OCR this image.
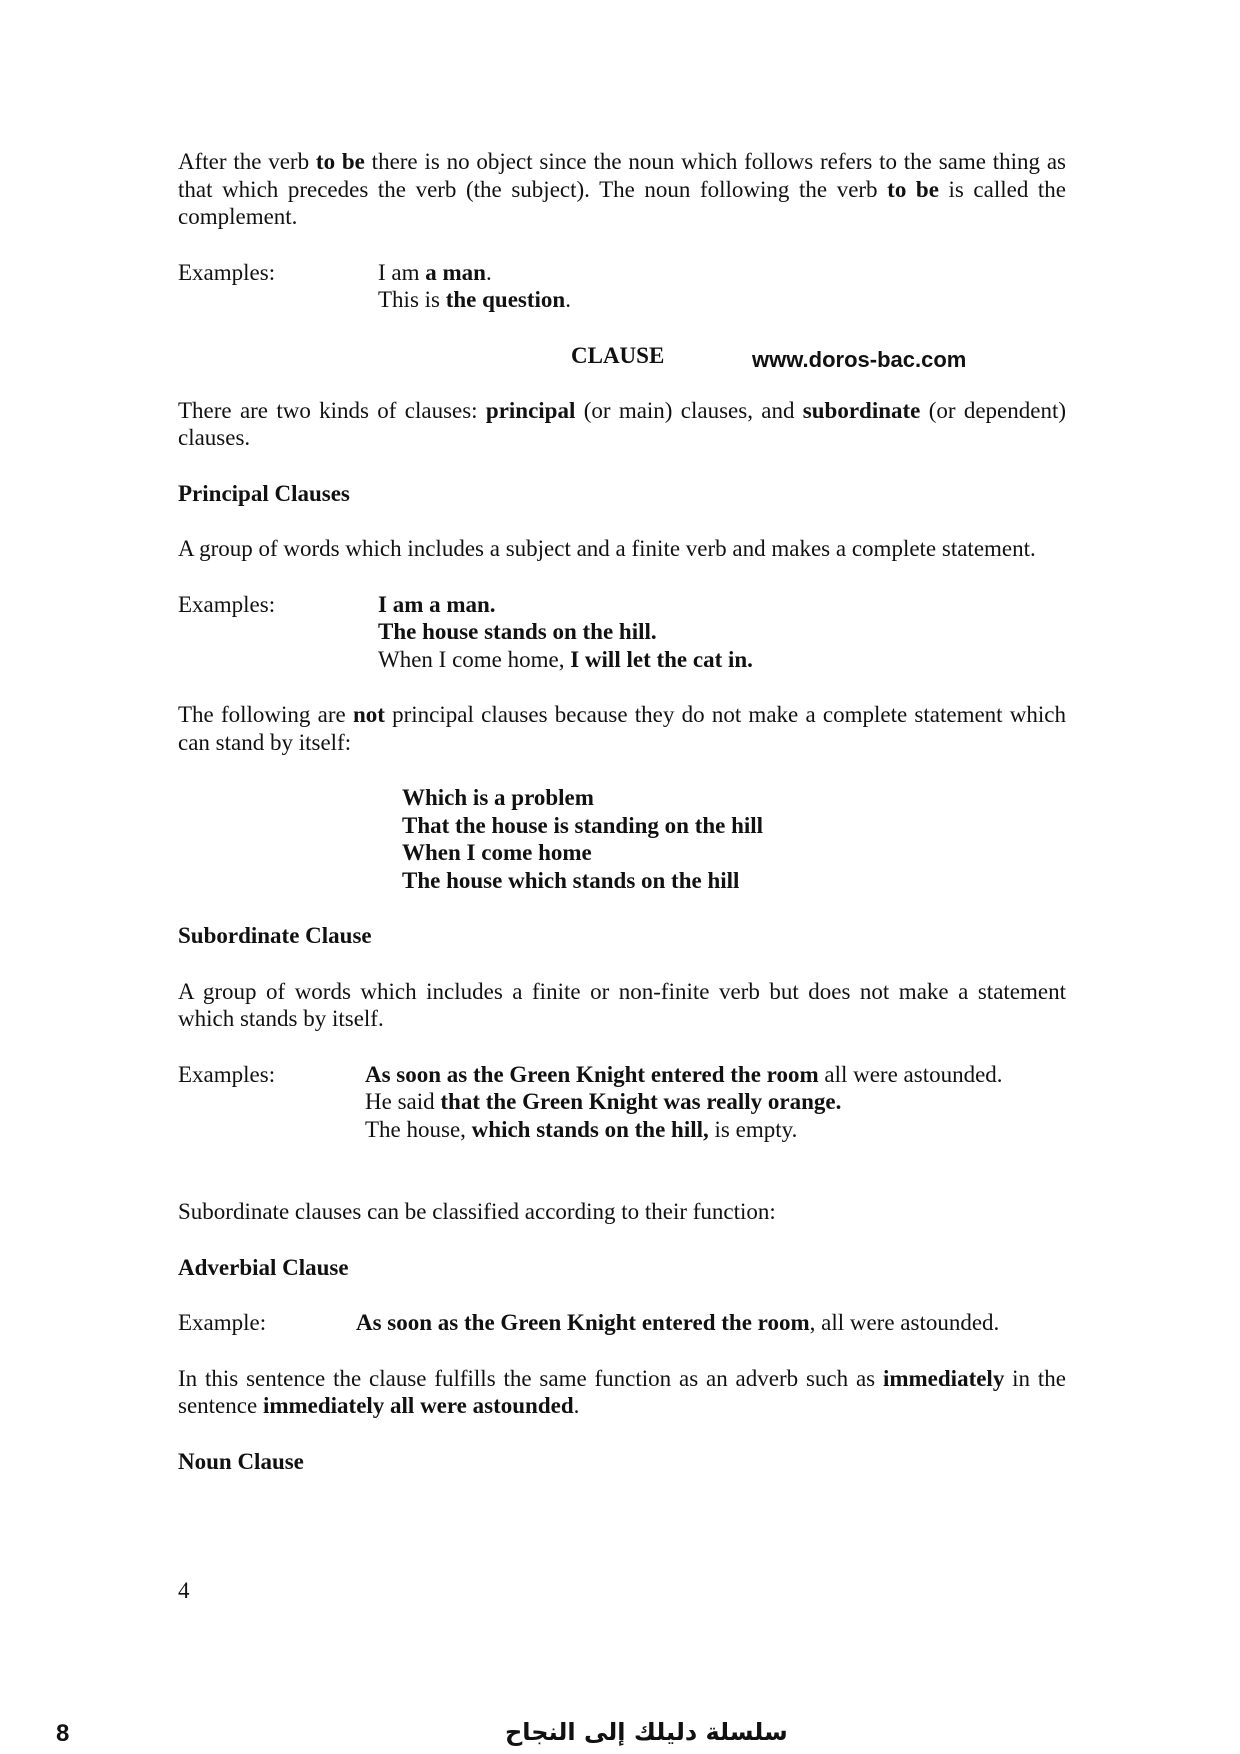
After the verb to be there is no object since the noun which follows refers to the same thing as that which precedes the verb (the subject). The noun following the verb to be is called the complement.

Examples:	I am a man.
This is the question.
CLAUSE	www.doros-bac.com

There are two kinds of clauses: principal (or main) clauses, and subordinate (or dependent) clauses.

Principal Clauses

A group of words which includes a subject and a finite verb and makes a complete statement.

Examples:	I am a man.
The house stands on the hill.
When I come home, I will let the cat in.

The following are not principal clauses because they do not make a complete statement which can stand by itself:

Which is a problem
That the house is standing on the hill
When I come home
The house which stands on the hill

Subordinate Clause

A group of words which includes a finite or non-finite verb but does not make a statement which stands by itself.

Examples:	As soon as the Green Knight entered the room all were astounded.
He said that the Green Knight was really orange.
The house, which stands on the hill, is empty.

Subordinate clauses can be classified according to their function:

Adverbial Clause

Example:	As soon as the Green Knight entered the room, all were astounded.

In this sentence the clause fulfills the same function as an adverb such as immediately in the sentence immediately all were astounded.

Noun Clause

4
8	سلسلة دليلك إلى النجاح
